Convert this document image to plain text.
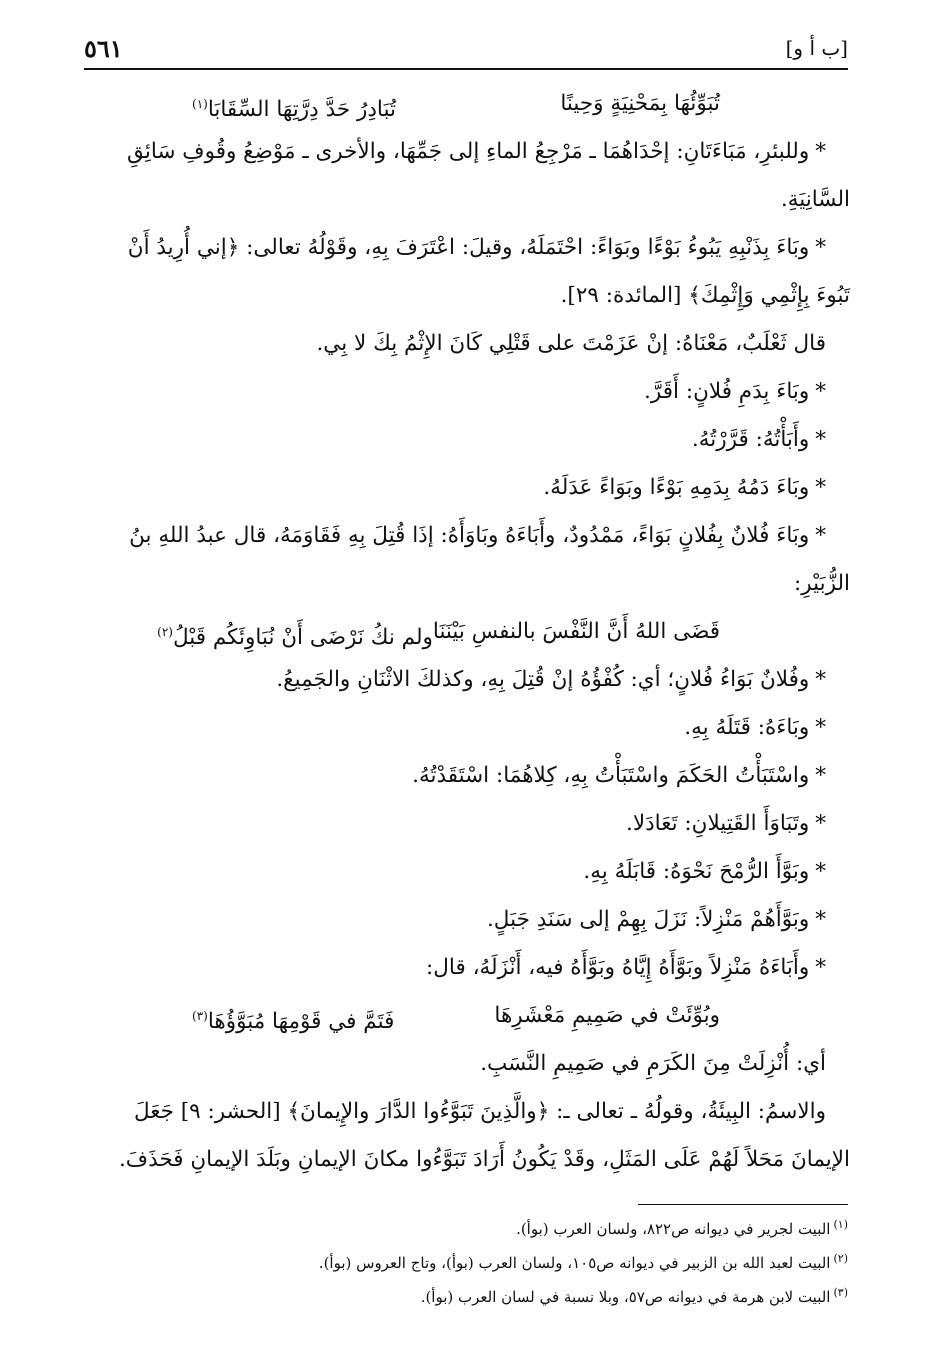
٥٦١	[ب أ و]
تُبَوِّئُهَا بِمَحْنِيَةٍ وَحِينًا
تُبَادِرُ حَدَّ دِرَّتِهَا السِّقَابَا$^{(١)}$

*وللبئرِ، مَبَاءَتَانِ: إحْدَاهُمَا ـ مَرْجِعُ الماءِ إلى جَمِّهَا، والأخرى ـ مَوْضِعُ وقُوفِ سَائِقِ

السَّانِيَةِ.

*وبَاءَ بِذَنْبِهِ يَبُوءُ بَوْءًا وبَوَاءً: احْتَمَلَهُ، وقيلَ: اعْتَرَفَ بِهِ، وقَوْلُهُ تعالى: ﴿إني أُرِيدُ أَنْ

تَبُوءَ بِإِثْمِي وَإِثْمِكَ﴾ [المائدة: ٢٩].

قال ثَعْلَبٌ، مَعْنَاهُ: إنْ عَزَمْتَ على قَتْلِي كَانَ الإِثْمُ بِكَ لا بِي.

*وبَاءَ بِدَمِ فُلانٍ: أَقَرَّ.

*وأَبَأْتُهُ: قَرَّرْتُهُ.

*وبَاءَ دَمُهُ بِدَمِهِ بَوْءًا وبَوَاءً عَدَلَهُ.

*وبَاءَ فُلانٌ بِفُلانٍ بَوَاءً، مَمْدُودٌ، وأَبَاءَهُ وبَاوَأَهُ: إذَا قُتِلَ بِهِ فَقَاوَمَهُ، قال عبدُ اللهِ بنُ

الزُّبَيْرِ:

قَضَى اللهُ أَنَّ النَّفْسَ بالنفسِ بَيْنَنَا
ولم نكُ نَرْضَى أَنْ نُبَاوِئَكُم قَبْلُ$^{(٢)}$

*وفُلانٌ بَوَاءُ فُلانٍ؛ أي: كُفْؤُهُ إنْ قُتِلَ بِهِ، وكذلكَ الاثْنَانِ والجَمِيعُ.

*وبَاءَهُ: قَتَلَهُ بِهِ.

*واسْتَبَأْتُ الحَكَمَ واسْتَبَأْتُ بِهِ، كِلاهُمَا: اسْتَقَدْتُهُ.

*وتَبَاوَأَ القَتِيلانِ: تَعَادَلا.

*وبَوَّأَ الرُّمْحَ نَحْوَهُ: قَابَلَهُ بِهِ.

*وبَوَّأَهُمْ مَنْزِلاً: نَزَلَ بِهِمْ إلى سَنَدِ جَبَلٍ.

*وأَبَاءَهُ مَنْزِلاً وبَوَّأَهُ إِيَّاهُ وبَوَّأَهُ فيه، أَنْزَلَهُ، قال:

وبُوِّئَتْ في صَمِيمِ مَعْشَرِهَا
فَتَمَّ في قَوْمِهَا مُبَوَّؤُهَا$^{(٣)}$

أي: أُنْزِلَتْ مِنَ الكَرَمِ في صَمِيمِ النَّسَبِ.

والاسمُ: البِيئَةُ، وقولُهُ ـ تعالى ـ: ﴿والَّذِينَ تَبَوَّءُوا الدَّارَ والإِيمانَ﴾ [الحشر: ٩] جَعَلَ

الإيمانَ مَحَلاً لَهُمْ عَلَى المَثَلِ، وقَدْ يَكُونُ أَرَادَ تَبَوَّءُوا مكانَ الإيمانِ وبَلَدَ الإيمانِ فَحَذَفَ.

$^{(١)}$البيت لجرير في ديوانه ص٨٢٢، ولسان العرب (بوأ).

$^{(٢)}$البيت لعبد الله بن الزبير في ديوانه ص١٠٥، ولسان العرب (بوأ)، وتاج العروس (بوأ).

$^{(٣)}$البيت لابن هرمة في ديوانه ص٥٧، وبلا نسبة في لسان العرب (بوأ).
